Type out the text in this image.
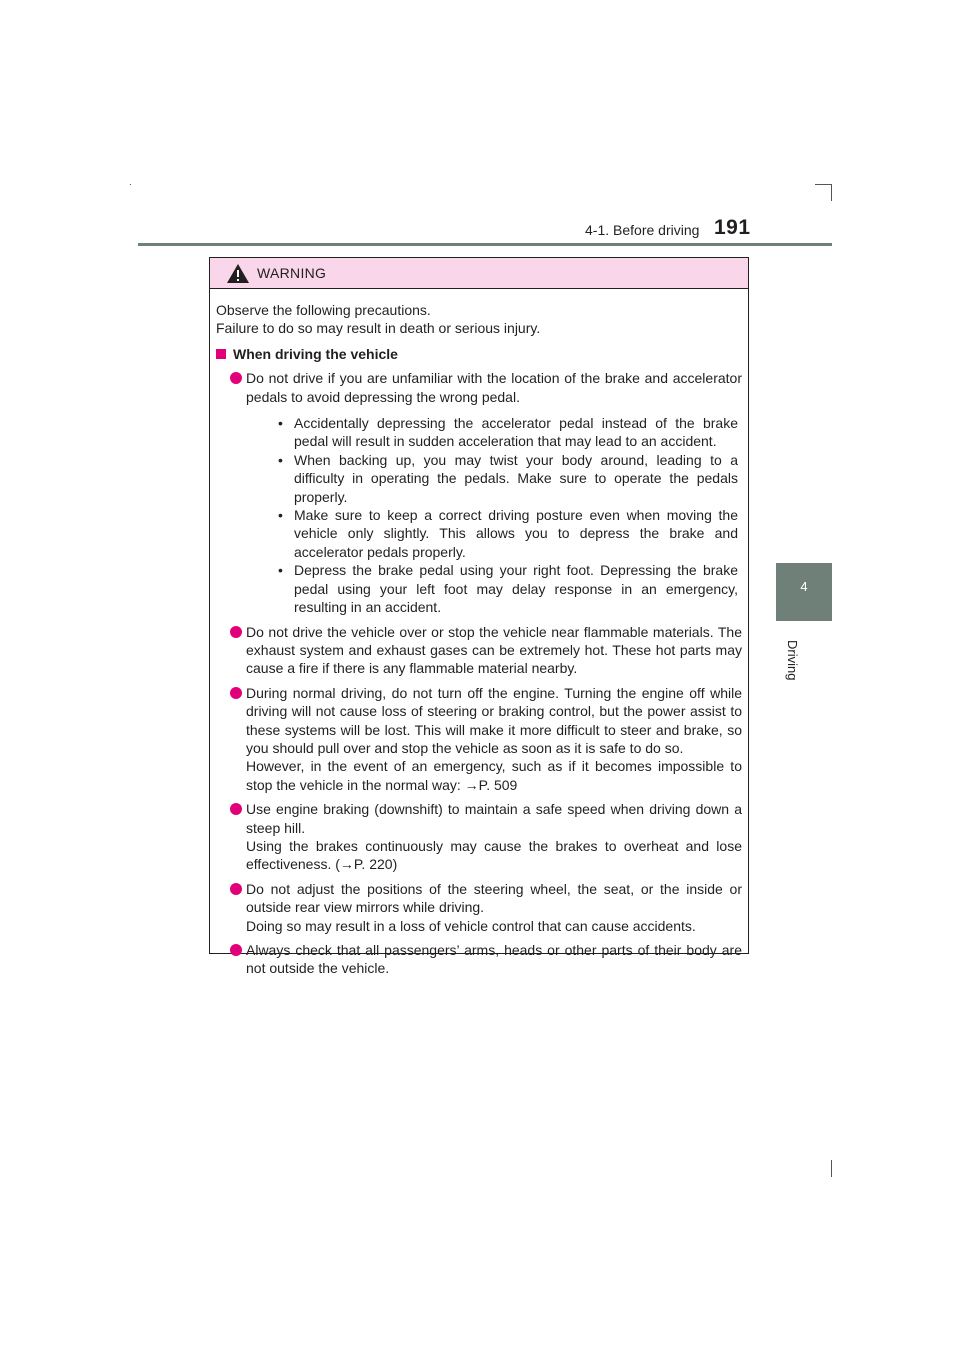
4-1. Before driving 191
4
Driving
WARNING

Observe the following precautions.

Failure to do so may result in death or serious injury.

When driving the vehicle

Do not drive if you are unfamiliar with the location of the brake and accelerator pedals to avoid depressing the wrong pedal.

• Accidentally depressing the accelerator pedal instead of the brake pedal will result in sudden acceleration that may lead to an accident.
• When backing up, you may twist your body around, leading to a difficulty in operating the pedals. Make sure to operate the pedals properly.
• Make sure to keep a correct driving posture even when moving the vehicle only slightly. This allows you to depress the brake and accelerator pedals properly.
• Depress the brake pedal using your right foot. Depressing the brake pedal using your left foot may delay response in an emergency, resulting in an accident.

Do not drive the vehicle over or stop the vehicle near flammable materials. The exhaust system and exhaust gases can be extremely hot. These hot parts may cause a fire if there is any flammable material nearby.

During normal driving, do not turn off the engine. Turning the engine off while driving will not cause loss of steering or braking control, but the power assist to these systems will be lost. This will make it more difficult to steer and brake, so you should pull over and stop the vehicle as soon as it is safe to do so.

However, in the event of an emergency, such as if it becomes impossible to stop the vehicle in the normal way: →P. 509

Use engine braking (downshift) to maintain a safe speed when driving down a steep hill.

Using the brakes continuously may cause the brakes to overheat and lose effectiveness. (→P. 220)

Do not adjust the positions of the steering wheel, the seat, or the inside or outside rear view mirrors while driving.

Doing so may result in a loss of vehicle control that can cause accidents.

Always check that all passengers’ arms, heads or other parts of their body are not outside the vehicle.
